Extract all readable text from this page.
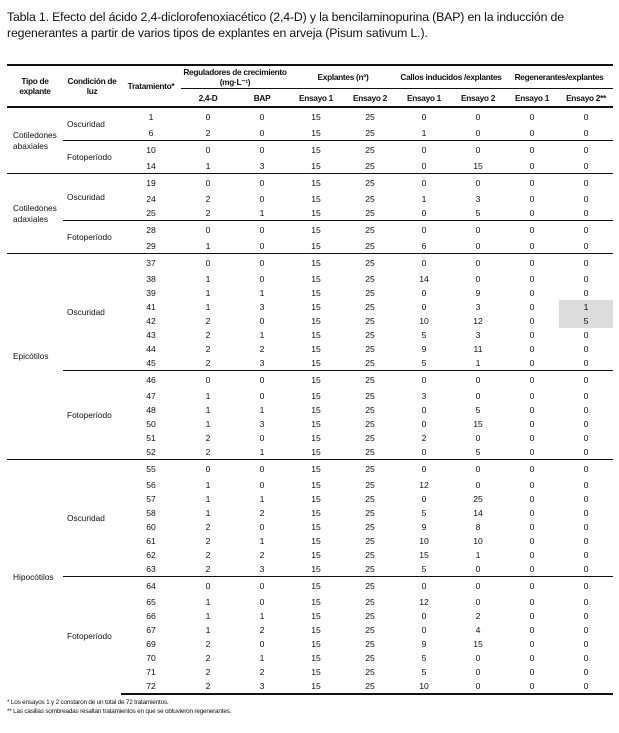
Tabla 1. Efecto del ácido 2,4-diclorofenoxiacético (2,4-D) y la bencilaminopurina (BAP) en la inducción de regenerantes a partir de varios tipos de explantes en arveja (Pisum sativum L.).
Tipo de explante	Condición de luz	Tratamiento*	Reguladores de crecimiento (mg·L⁻¹)		Explantes (nº)		Callos inducidos /explantes		Regenerantes/explantes	
			2,4-D	BAP	Ensayo 1	Ensayo 2	Ensayo 1	Ensayo 2	Ensayo 1	Ensayo 2**
Cotiledones abaxiales	Oscuridad	1	0	0	15	25	0	0	0	0
		6	2	0	15	25	1	0	0	0
	Fotoperíodo	10	0	0	15	25	0	0	0	0
		14	1	3	15	25	0	15	0	0
Cotiledones adaxiales	Oscuridad	19	0	0	15	25	0	0	0	0
		24	2	0	15	25	1	3	0	0
		25	2	1	15	25	0	5	0	0
	Fotoperíodo	28	0	0	15	25	0	0	0	0
		29	1	0	15	25	6	0	0	0
Epicótilos	Oscuridad	37	0	0	15	25	0	0	0	0
		38	1	0	15	25	14	0	0	0
		39	1	1	15	25	0	9	0	0
		41	1	3	15	25	0	3	0	1
		42	2	0	15	25	10	12	0	5
		43	2	1	15	25	5	3	0	0
		44	2	2	15	25	9	11	0	0
		45	2	3	15	25	5	1	0	0
	Fotoperíodo	46	0	0	15	25	0	0	0	0
		47	1	0	15	25	3	0	0	0
		48	1	1	15	25	0	5	0	0
		50	1	3	15	25	0	15	0	0
		51	2	0	15	25	2	0	0	0
		52	2	1	15	25	0	5	0	0
Hipocótilos	Oscuridad	55	0	0	15	25	0	0	0	0
		56	1	0	15	25	12	0	0	0
		57	1	1	15	25	0	25	0	0
		58	1	2	15	25	5	14	0	0
		60	2	0	15	25	9	8	0	0
		61	2	1	15	25	10	10	0	0
		62	2	2	15	25	15	1	0	0
		63	2	3	15	25	5	0	0	0
	Fotoperíodo	64	0	0	15	25	0	0	0	0
		65	1	0	15	25	12	0	0	0
		66	1	1	15	25	0	2	0	0
		67	1	2	15	25	0	4	0	0
		69	2	0	15	25	9	15	0	0
		70	2	1	15	25	5	0	0	0
		71	2	2	15	25	5	0	0	0
		72	2	3	15	25	10	0	0	0
* Los ensayos 1 y 2 constaron de un total de 72 tratamientos.
** Las casillas sombreadas resaltan tratamientos en que se obtuvieron regenerantes.
